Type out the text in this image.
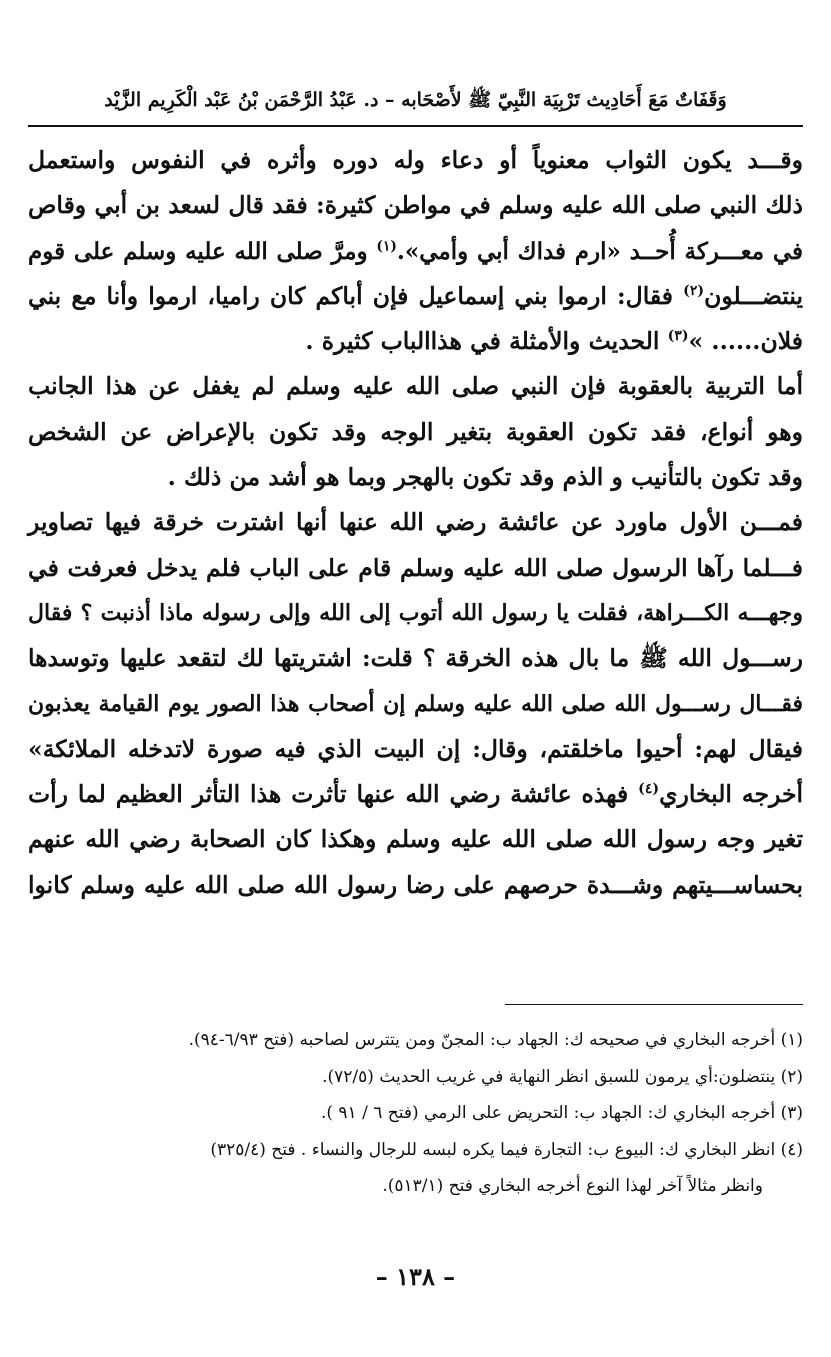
وَقَفَاتٌ مَعَ أَحَادِيث تَرْبِيَة النَّبِيّ ﷺ لأَصْحَابه – د. عَبْدُ الرَّحْمَن بْنُ عَبْد الْكَرِيم الزَّيْد
وقـــد يكون الثواب معنوياً أو دعاء وله دوره وأثره في النفوس واستعمل
ذلك النبي صلى الله عليه وسلم في مواطن كثيرة: فقد قال لسعد بن أبي وقاص
في معـــركة أُحــد «ارم فداك أبي وأمي».$^{(١)}$ ومرَّ صلى الله عليه وسلم على قوم
ينتضـــلون$^{(٢)}$ فقال: ارموا بني إسماعيل فإن أباكم كان راميا، ارموا وأنا مع بني
فلان...... »$^{(٣)}$ الحديث والأمثلة في هذاالباب كثيرة .
أما التربية بالعقوبة فإن النبي صلى الله عليه وسلم لم يغفل عن هذا الجانب
وهو أنواع، فقد تكون العقوبة بتغير الوجه وقد تكون بالإعراض عن الشخص
وقد تكون بالتأنيب و الذم وقد تكون بالهجر وبما هو أشد من ذلك .
فمـــن الأول ماورد عن عائشة رضي الله عنها أنها اشترت خرقة فيها تصاوير
فـــلما رآها الرسول صلى الله عليه وسلم قام على الباب فلم يدخل فعرفت في
وجهـــه الكـــراهة، فقلت يا رسول الله أتوب إلى الله وإلى رسوله ماذا أذنبت ؟ فقال
رســـول الله ﷺ ما بال هذه الخرقة ؟ قلت: اشتريتها لك لتقعد عليها وتوسدها
فقـــال رســـول الله صلى الله عليه وسلم إن أصحاب هذا الصور يوم القيامة يعذبون
فيقال لهم: أحيوا ماخلقتم، وقال: إن البيت الذي فيه صورة لاتدخله الملائكة»
أخرجه البخاري$^{(٤)}$ فهذه عائشة رضي الله عنها تأثرت هذا التأثر العظيم لما رأت
تغير وجه رسول الله صلى الله عليه وسلم وهكذا كان الصحابة رضي الله عنهم
بحساســـيتهم وشـــدة حرصهم على رضا رسول الله صلى الله عليه وسلم كانوا
(١) أخرجه البخاري في صحيحه ك: الجهاد ب: المجنّ ومن يتترس لصاحبه (فتح ٦/٩٣-٩٤).
(٢) ينتضلون:أي يرمون للسبق انظر النهاية في غريب الحديث (٧٢/٥).
(٣) أخرجه البخاري ك: الجهاد ب: التحريض على الرمي (فتح ٦ / ٩١ ).
(٤) انظر البخاري ك: البيوع ب: التجارة فيما يكره لبسه للرجال والنساء . فتح (٣٢٥/٤)
وانظر مثالاً آخر لهذا النوع أخرجه البخاري فتح (٥١٣/١).
– ١٣٨ –
